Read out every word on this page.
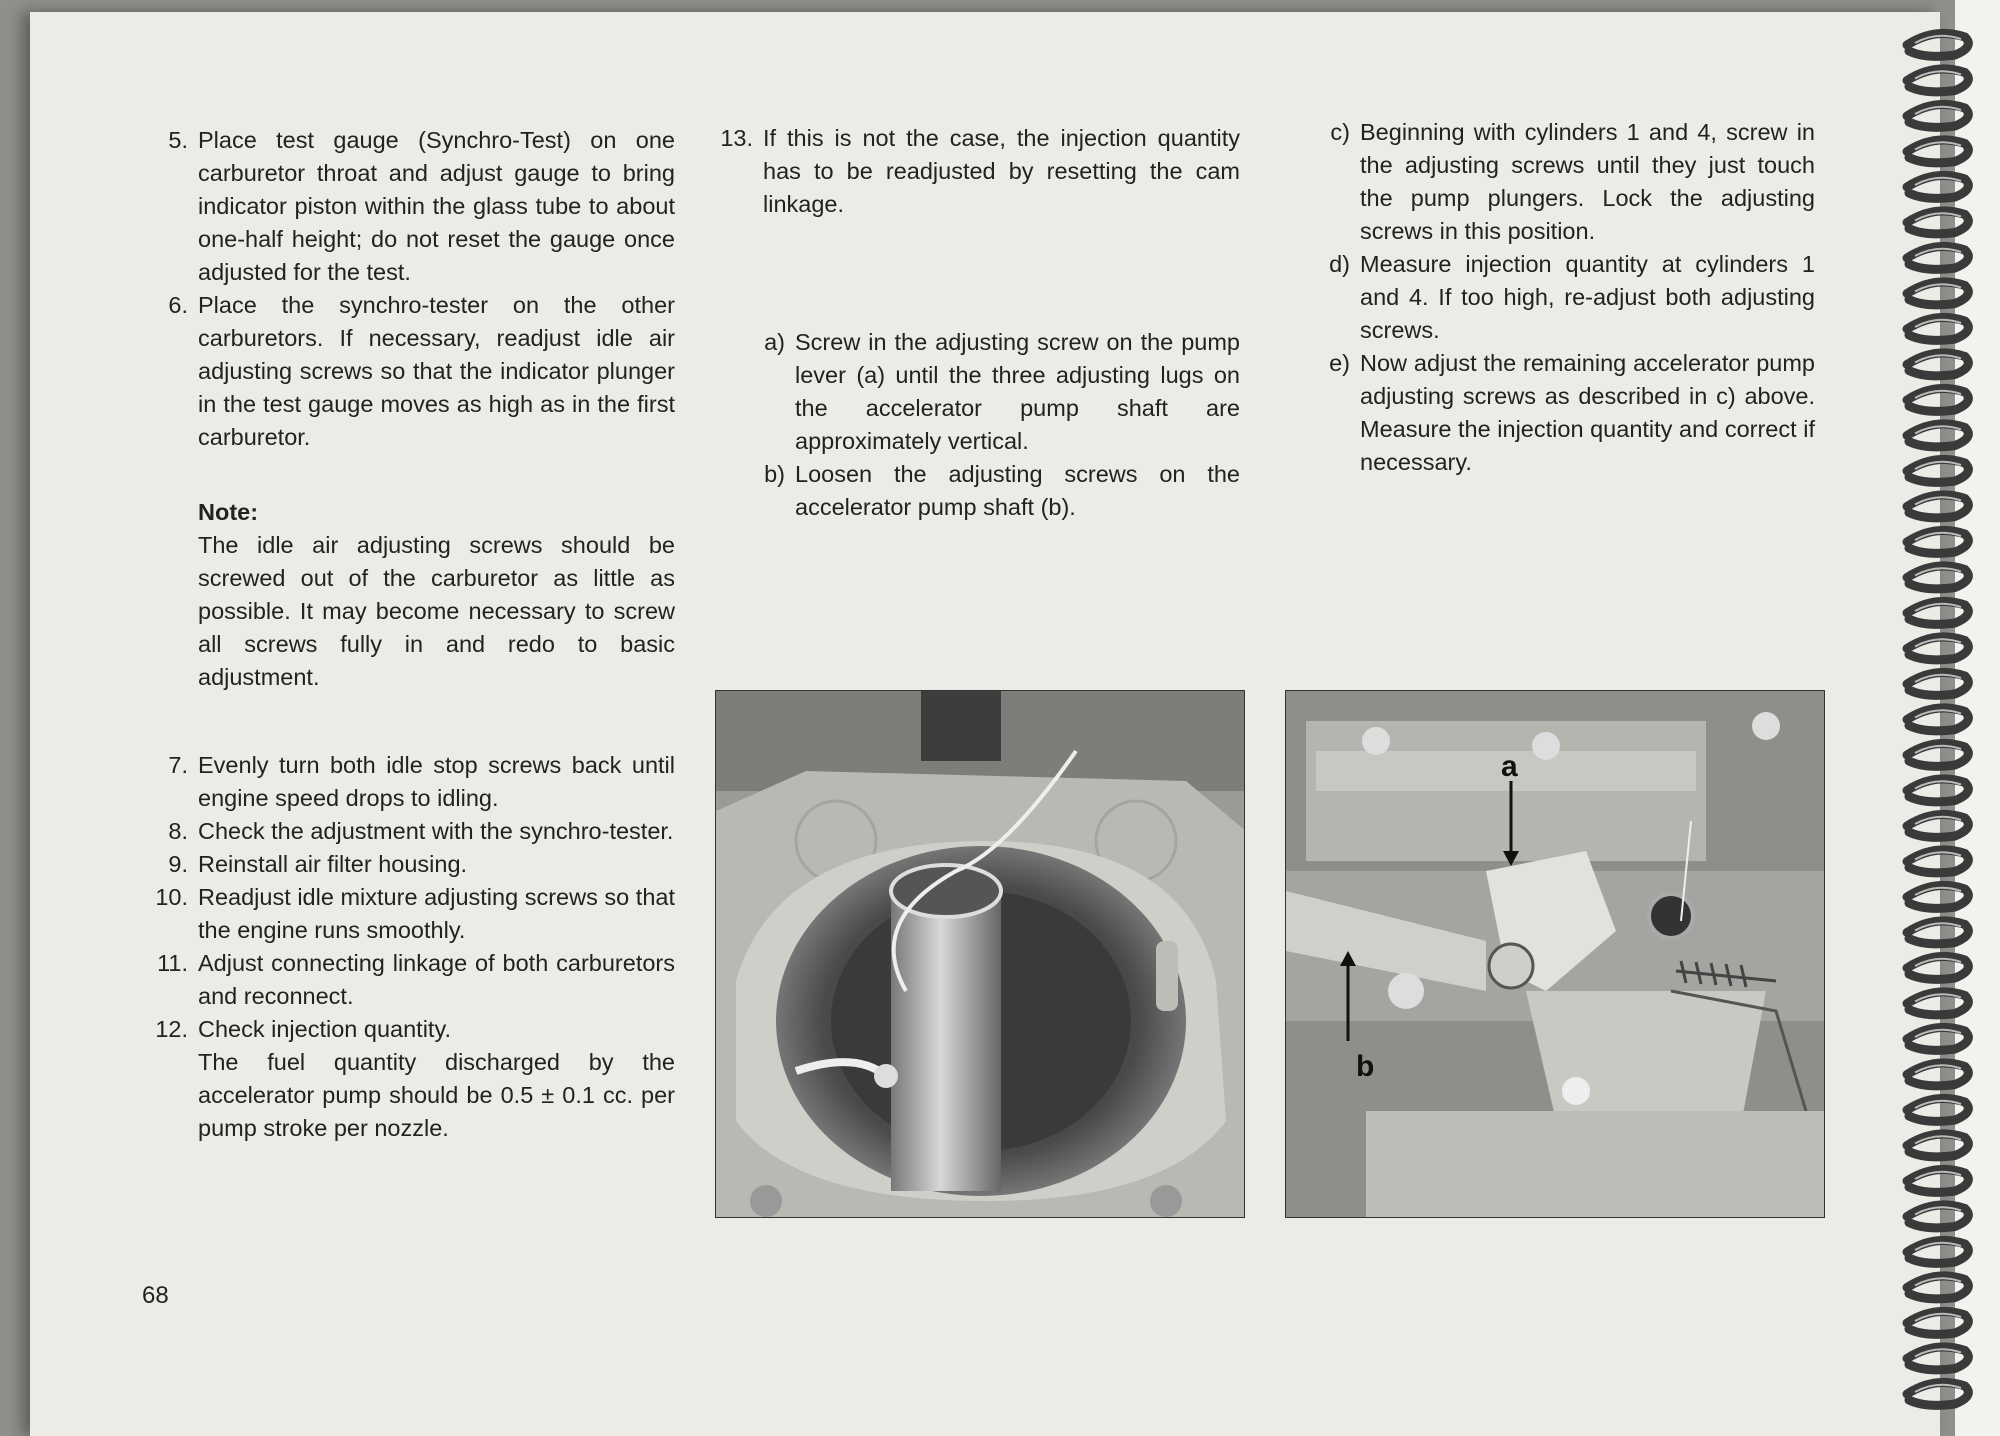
5. Place test gauge (Synchro-Test) on one carburetor throat and adjust gauge to bring indicator piston within the glass tube to about one-half height; do not reset the gauge once adjusted for the test.
6. Place the synchro-tester on the other carburetors. If necessary, readjust idle air adjusting screws so that the indicator plunger in the test gauge moves as high as in the first carburetor.
Note:
The idle air adjusting screws should be screwed out of the carburetor as little as possible. It may become necessary to screw all screws fully in and redo to basic adjustment.
7. Evenly turn both idle stop screws back until engine speed drops to idling.
8. Check the adjustment with the synchro-tester.
9. Reinstall air filter housing.
10. Readjust idle mixture adjusting screws so that the engine runs smoothly.
11. Adjust connecting linkage of both carburetors and reconnect.
12. Check injection quantity.
The fuel quantity discharged by the accelerator pump should be 0.5 ± 0.1 cc. per pump stroke per nozzle.
13. If this is not the case, the injection quantity has to be readjusted by resetting the cam linkage.
a) Screw in the adjusting screw on the pump lever (a) until the three adjusting lugs on the accelerator pump shaft are approximately vertical.
b) Loosen the adjusting screws on the accelerator pump shaft (b).
c) Beginning with cylinders 1 and 4, screw in the adjusting screws until they just touch the pump plungers. Lock the adjusting screws in this position.
d) Measure injection quantity at cylinders 1 and 4. If too high, re-adjust both adjusting screws.
e) Now adjust the remaining accelerator pump adjusting screws as described in c) above. Measure the injection quantity and correct if necessary.
a
b
68
